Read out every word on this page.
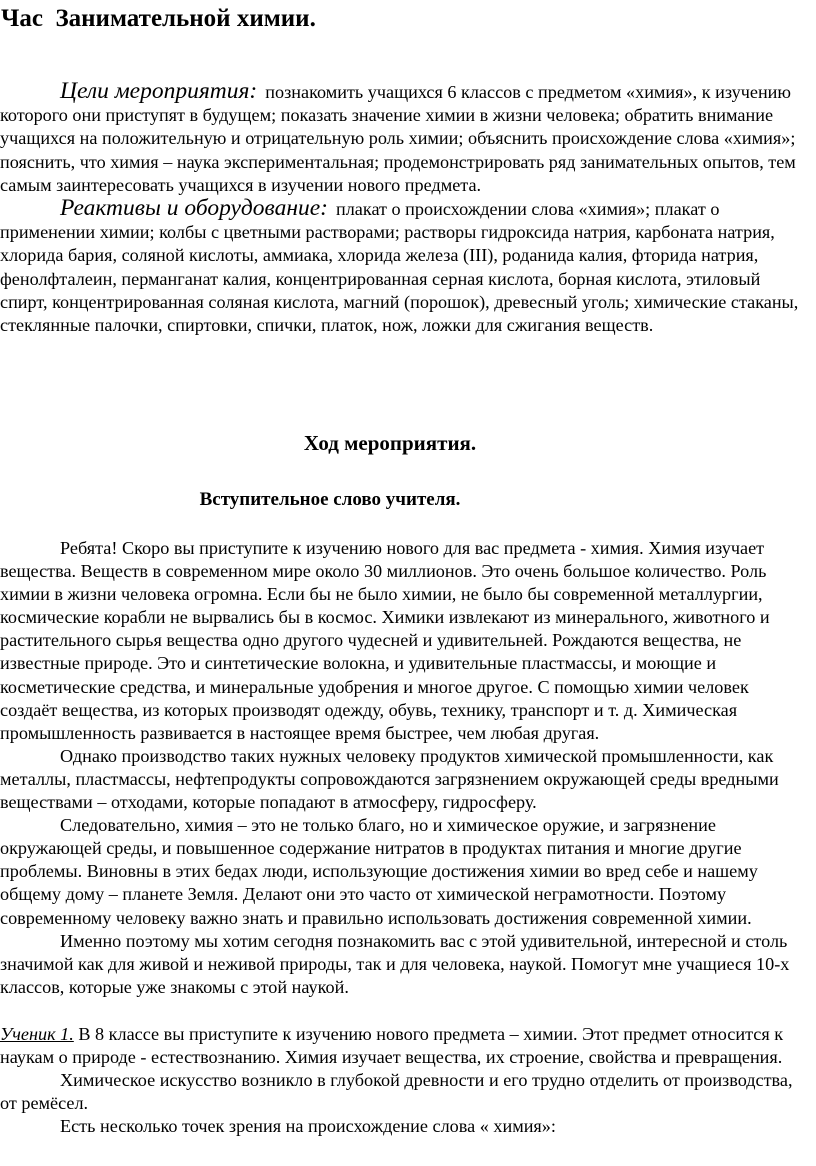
Час  Занимательной химии.
Цели мероприятия: познакомить учащихся 6 классов с предметом «химия», к изучению которого они приступят в будущем; показать значение химии в жизни человека; обратить внимание учащихся на положительную и отрицательную роль химии; объяснить происхождение слова «химия»; пояснить, что химия – наука экспериментальная; продемонстрировать ряд занимательных опытов, тем самым заинтересовать учащихся в изучении нового предмета.
Реактивы и оборудование: плакат о происхождении слова «химия»; плакат о применении химии; колбы с цветными растворами; растворы гидроксида натрия, карбоната натрия, хлорида бария, соляной кислоты, аммиака, хлорида железа (III), роданида калия, фторида натрия, фенолфталеин, перманганат калия, концентрированная серная кислота, борная кислота, этиловый спирт, концентрированная соляная кислота, магний (порошок), древесный уголь; химические стаканы, стеклянные палочки, спиртовки, спички, платок, нож, ложки для сжигания веществ.
Ход мероприятия.
Вступительное слово учителя.

Ребята! Скоро вы приступите к изучению нового для вас предмета - химия. Химия изучает вещества. Веществ в современном мире около 30 миллионов. Это очень большое количество. Роль химии в жизни человека огромна. Если бы не было химии, не было бы современной металлургии, космические корабли не вырвались бы в космос. Химики извлекают из минерального, животного и растительного сырья вещества одно другого чудесней и удивительней. Рождаются вещества, не известные природе. Это и синтетические волокна, и удивительные пластмассы, и моющие и косметические средства, и минеральные удобрения и многое другое. С помощью химии человек создаёт вещества, из которых производят одежду, обувь, технику, транспорт и т. д. Химическая промышленность развивается в настоящее время быстрее, чем любая другая.

Однако производство таких нужных человеку продуктов химической промышленности, как металлы, пластмассы, нефтепродукты сопровождаются загрязнением окружающей среды вредными веществами – отходами, которые попадают в атмосферу, гидросферу.

Следовательно, химия – это не только благо, но и химическое оружие, и загрязнение окружающей среды, и повышенное содержание нитратов в продуктах питания и многие другие проблемы. Виновны в этих бедах люди, использующие достижения химии во вред себе и нашему общему дому – планете Земля. Делают они это часто от химической неграмотности. Поэтому современному человеку важно знать и правильно использовать достижения современной химии.

Именно поэтому мы хотим сегодня познакомить вас с этой удивительной, интересной и столь значимой как для живой и неживой природы, так и для человека, наукой. Помогут мне учащиеся 10-х классов, которые уже знакомы с этой наукой.

Ученик 1. В 8 классе вы приступите к изучению нового предмета – химии. Этот предмет относится к наукам о природе - естествознанию. Химия изучает вещества, их строение, свойства и превращения.

Химическое искусство возникло в глубокой древности и его трудно отделить от производства, от ремёсел.

Есть несколько точек зрения на происхождение слова « химия»:
